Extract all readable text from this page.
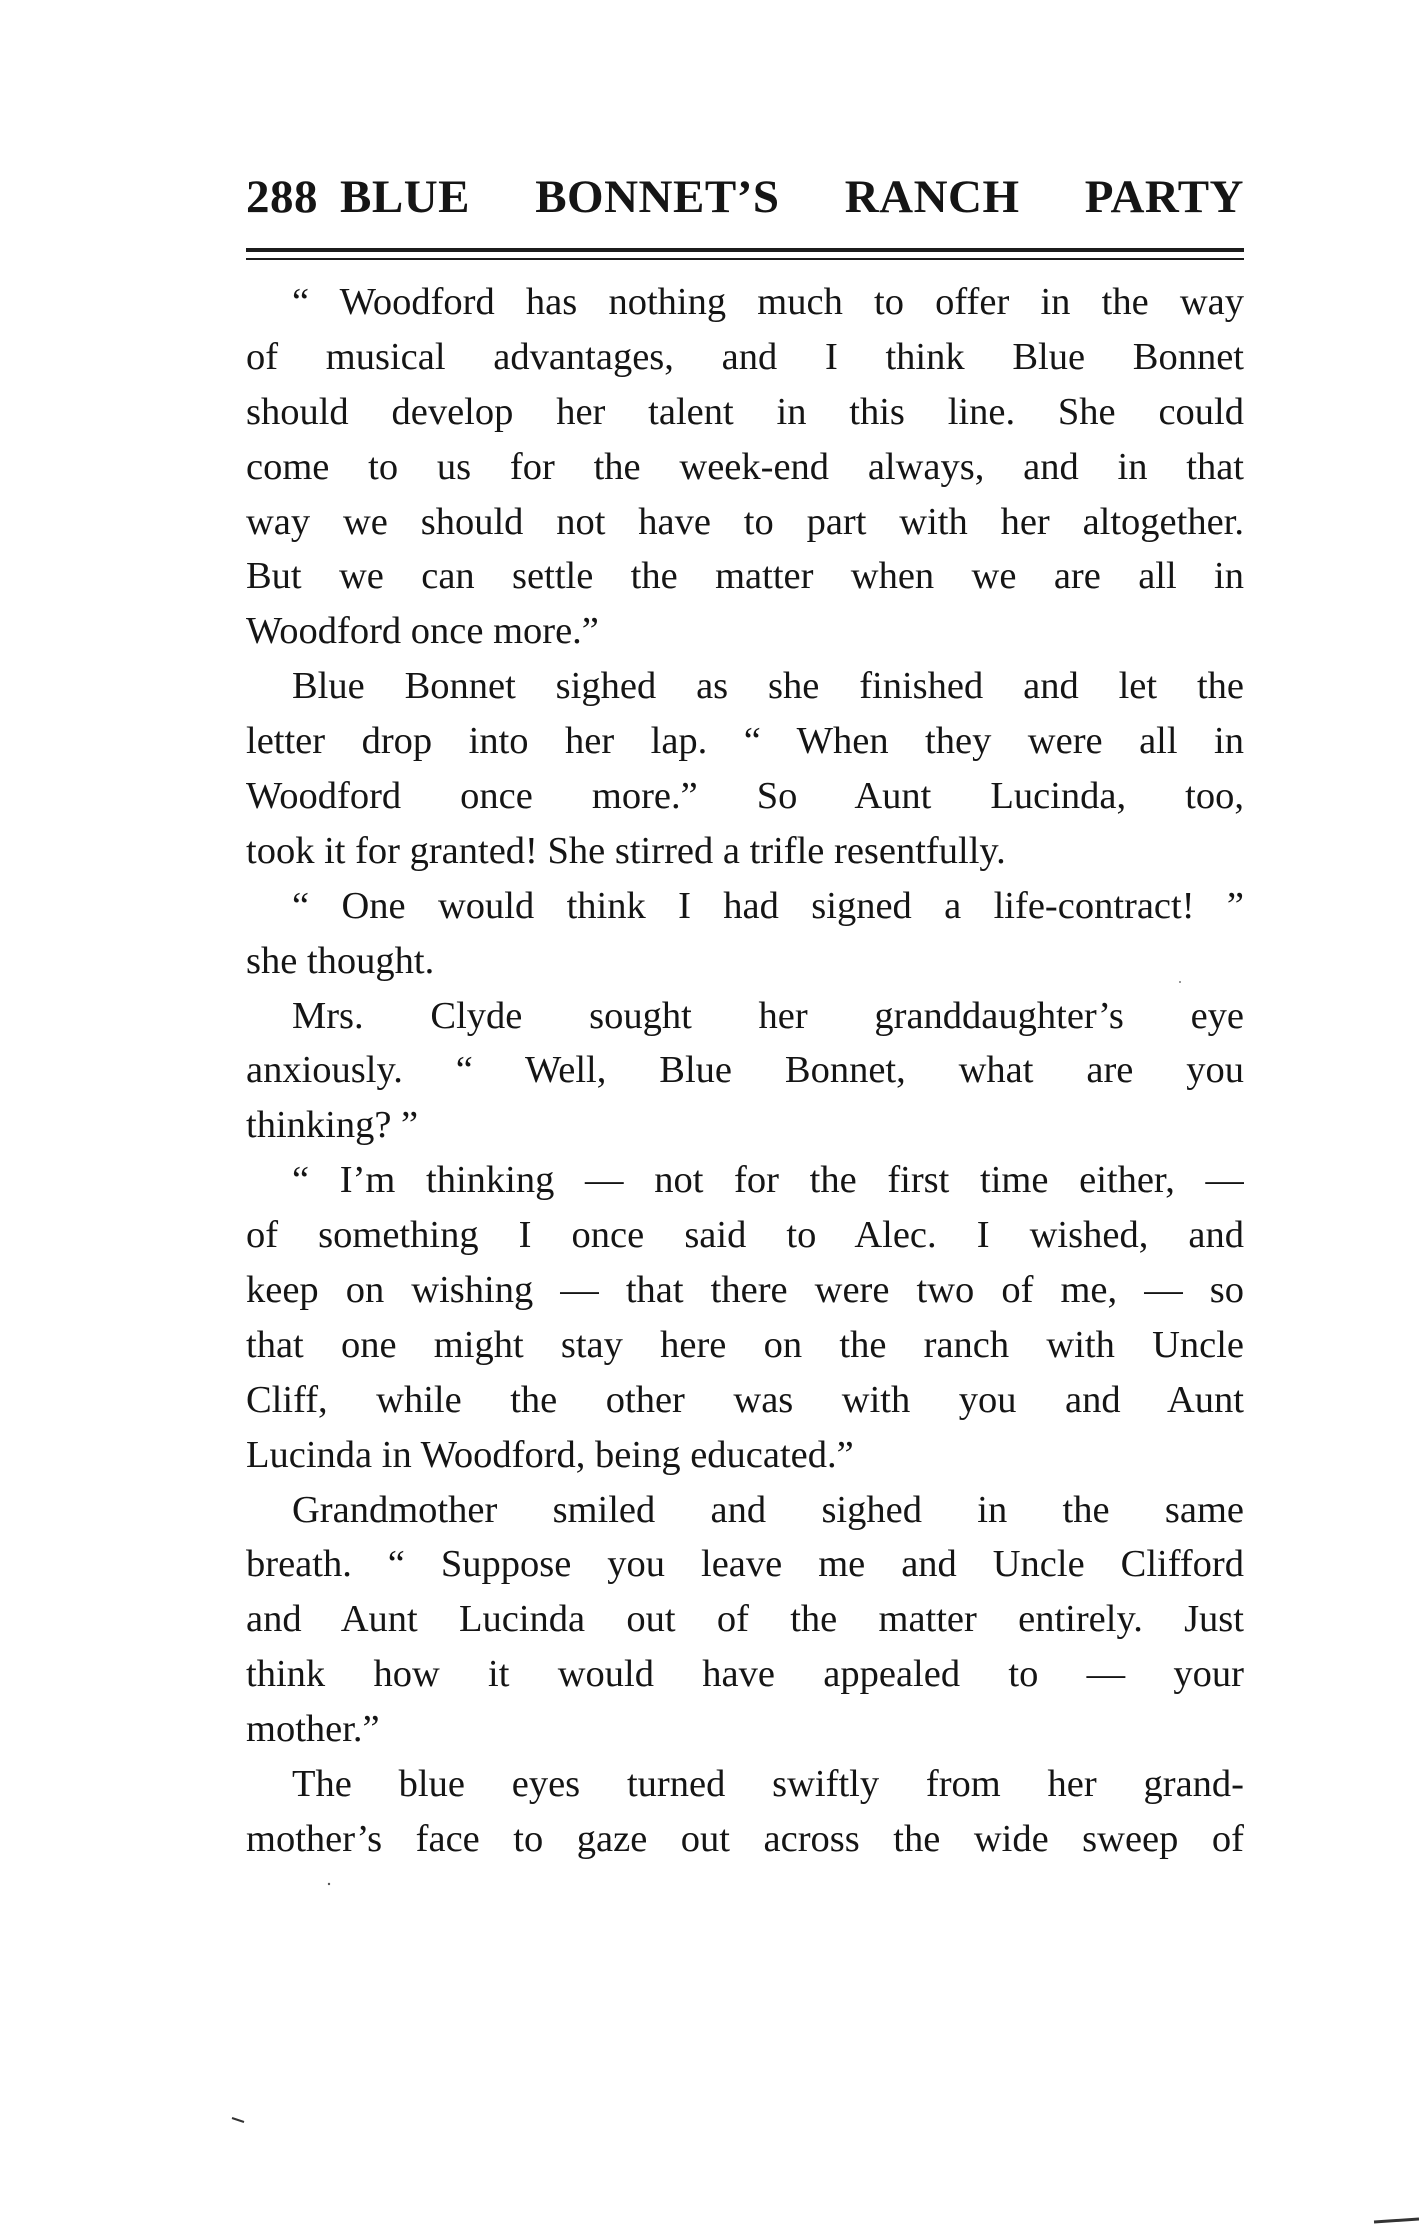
288 BLUE BONNET’S RANCH PARTY
“ Woodford has nothing much to offer in the way
of musical advantages, and I think Blue Bonnet
should develop her talent in this line. She could
come to us for the week-end always, and in that
way we should not have to part with her altogether.
But we can settle the matter when we are all in
Woodford once more.”
Blue Bonnet sighed as she finished and let the
letter drop into her lap. “ When they were all in
Woodford once more.” So Aunt Lucinda, too,
took it for granted! She stirred a trifle resentfully.
“ One would think I had signed a life-contract! ”
she thought.
Mrs. Clyde sought her granddaughter’s eye
anxiously. “ Well, Blue Bonnet, what are you
thinking? ”
“ I’m thinking — not for the first time either, —
of something I once said to Alec. I wished, and
keep on wishing — that there were two of me, — so
that one might stay here on the ranch with Uncle
Cliff, while the other was with you and Aunt
Lucinda in Woodford, being educated.”
Grandmother smiled and sighed in the same
breath. “ Suppose you leave me and Uncle Clifford
and Aunt Lucinda out of the matter entirely. Just
think how it would have appealed to — your
mother.”
The blue eyes turned swiftly from her grand-
mother’s face to gaze out across the wide sweep of
